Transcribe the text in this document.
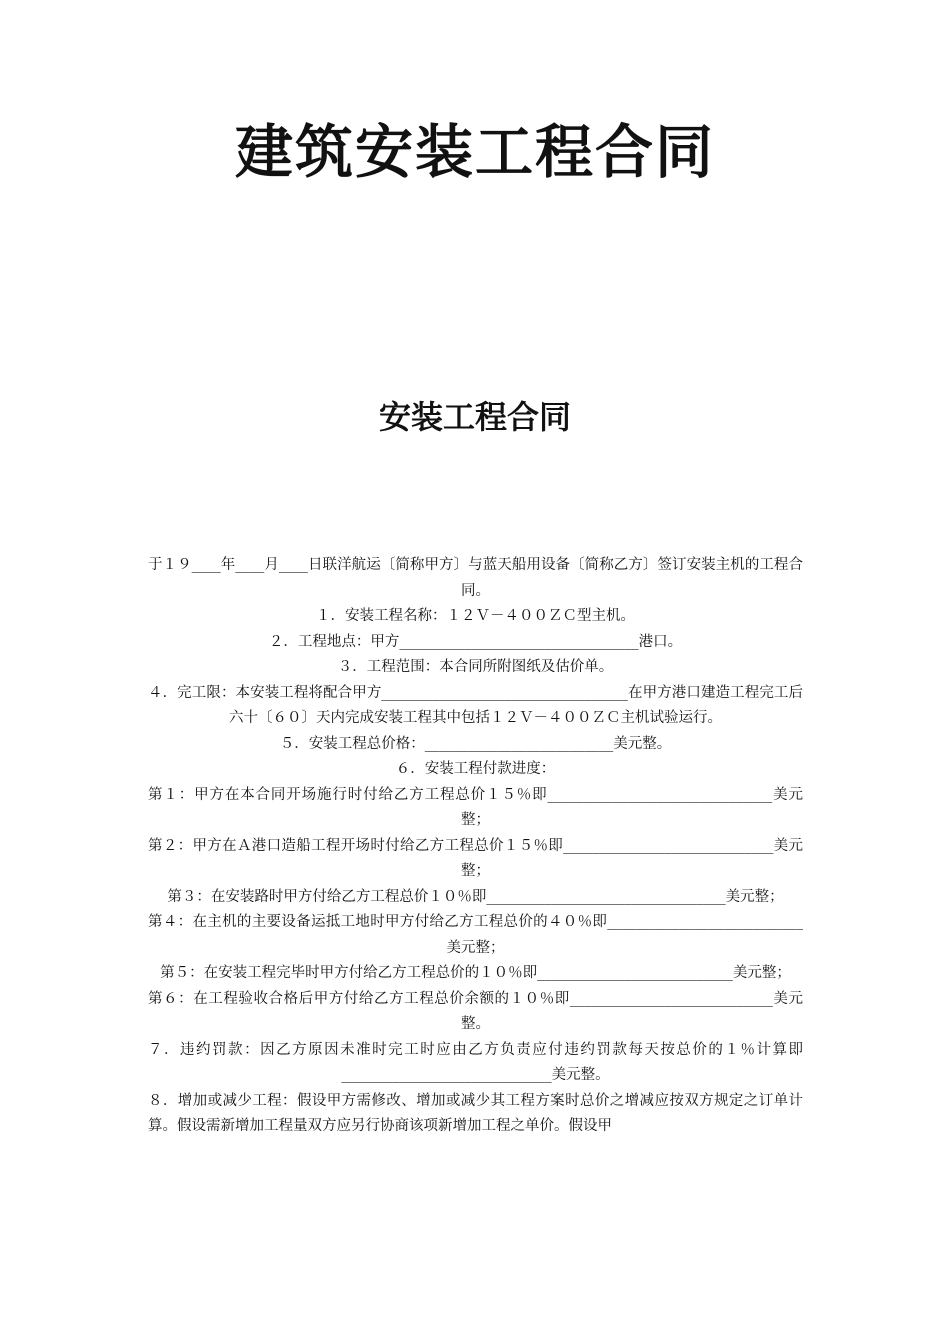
建筑安装工程合同
安装工程合同

于１９____年____月____日联洋航运〔简称甲方〕与蓝天船用设备〔简称乙方〕签订安装主机的工程合同。

１．安装工程名称：１２Ｖ－４００ＺＣ型主机。

２．工程地点：甲方_________________________________港口。

３．工程范围：本合同所附图纸及估价单。

４．完工限：本安装工程将配合甲方__________________________________在甲方港口建造工程完工后六十〔６０〕天内完成安装工程其中包括１２Ｖ－４００ＺＣ主机试验运行。

５．安装工程总价格：__________________________美元整。

６．安装工程付款进度：

第１：甲方在本合同开场施行时付给乙方工程总价１５％即_______________________________美元整；

第２：甲方在Ａ港口造船工程开场时付给乙方工程总价１５％即_____________________________美元整；

第３：在安装路时甲方付给乙方工程总价１０％即_________________________________美元整；

第４：在主机的主要设备运抵工地时甲方付给乙方工程总价的４０％即___________________________美元整；

第５：在安装工程完毕时甲方付给乙方工程总价的１０％即___________________________美元整；

第６：在工程验收合格后甲方付给乙方工程总价余额的１０％即____________________________美元整。

７．违约罚款：因乙方原因未准时完工时应由乙方负责应付违约罚款每天按总价的１％计算即_____________________________美元整。

８．增加或减少工程：假设甲方需修改、增加或减少其工程方案时总价之增减应按双方规定之订单计算。假设需新增加工程量双方应另行协商该项新增加工程之单价。假设甲
